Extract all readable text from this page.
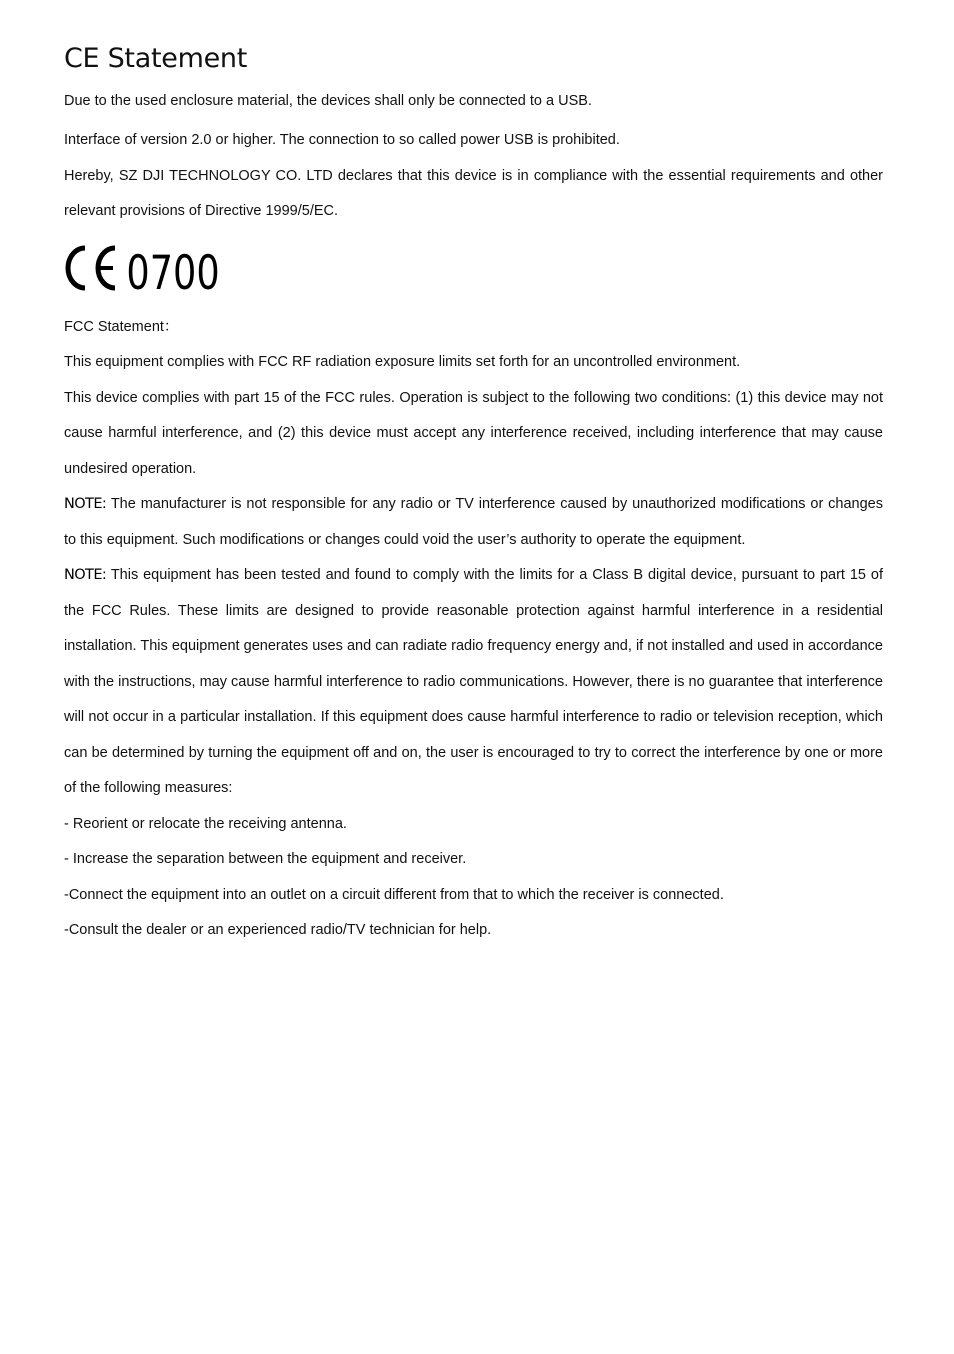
CE Statement

Due to the used enclosure material, the devices shall only be connected to a USB.

Interface of version 2.0 or higher. The connection to so called power USB is prohibited.

Hereby, SZ DJI TECHNOLOGY CO. LTD declares that this device is in compliance with the essential requirements and other relevant provisions of Directive 1999/5/EC.

0700

FCC Statement：

This equipment complies with FCC RF radiation exposure limits set forth for an uncontrolled environment.

This device complies with part 15 of the FCC rules. Operation is subject to the following two conditions: (1) this device may not cause harmful interference, and (2) this device must accept any interference received, including interference that may cause undesired operation.

NOTE: The manufacturer is not responsible for any radio or TV interference caused by unauthorized modifications or changes to this equipment. Such modifications or changes could void the user’s authority to operate the equipment.

NOTE: This equipment has been tested and found to comply with the limits for a Class B digital device, pursuant to part 15 of the FCC Rules. These limits are designed to provide reasonable protection against harmful interference in a residential installation. This equipment generates uses and can radiate radio frequency energy and, if not installed and used in accordance with the instructions, may cause harmful interference to radio communications. However, there is no guarantee that interference will not occur in a particular installation. If this equipment does cause harmful interference to radio or television reception, which can be determined by turning the equipment off and on, the user is encouraged to try to correct the interference by one or more of the following measures:

- Reorient or relocate the receiving antenna.

- Increase the separation between the equipment and receiver.

-Connect the equipment into an outlet on a circuit different from that to which the receiver is connected.

-Consult the dealer or an experienced radio/TV technician for help.
